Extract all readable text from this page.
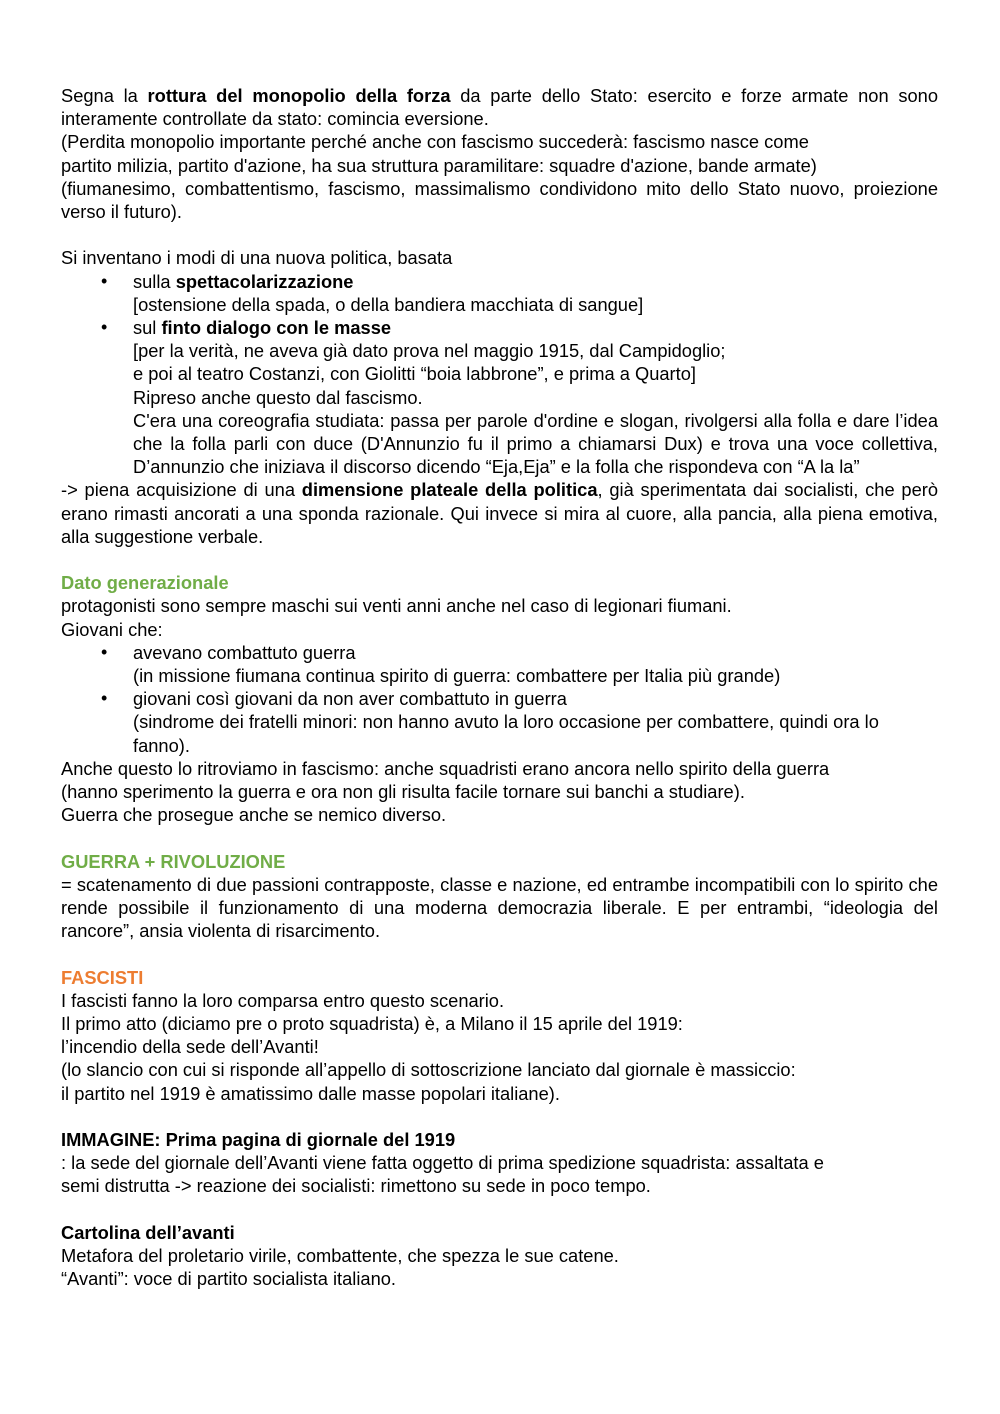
Segna la rottura del monopolio della forza da parte dello Stato: esercito e forze armate non sono interamente controllate da stato: comincia eversione.

(Perdita monopolio importante perché anche con fascismo succederà: fascismo nasce come

partito milizia, partito d'azione, ha sua struttura paramilitare: squadre d'azione, bande armate)

(fiumanesimo, combattentismo, fascismo, massimalismo condividono mito dello Stato nuovo, proiezione verso il futuro).

Si inventano i modi di una nuova politica, basata

• sulla spettacolarizzazione
[ostensione della spada, o della bandiera macchiata di sangue]
• sul finto dialogo con le masse
[per la verità, ne aveva già dato prova nel maggio 1915, dal Campidoglio;
e poi al teatro Costanzi, con Giolitti “boia labbrone”, e prima a Quarto]
Ripreso anche questo dal fascismo.
C'era una coreografia studiata: passa per parole d'ordine e slogan, rivolgersi alla folla e dare l’idea che la folla parli con duce (D'Annunzio fu il primo a chiamarsi Dux) e trova una voce collettiva, D’annunzio che iniziava il discorso dicendo “Eja,Eja” e la folla che rispondeva con “A la la”

-> piena acquisizione di una dimensione plateale della politica, già sperimentata dai socialisti, che però erano rimasti ancorati a una sponda razionale. Qui invece si mira al cuore, alla pancia, alla piena emotiva, alla suggestione verbale.

Dato generazionale

protagonisti sono sempre maschi sui venti anni anche nel caso di legionari fiumani.

Giovani che:

• avevano combattuto guerra
(in missione fiumana continua spirito di guerra: combattere per Italia più grande)
• giovani così giovani da non aver combattuto in guerra
(sindrome dei fratelli minori: non hanno avuto la loro occasione per combattere, quindi ora lo fanno).

Anche questo lo ritroviamo in fascismo: anche squadristi erano ancora nello spirito della guerra

(hanno sperimento la guerra e ora non gli risulta facile tornare sui banchi a studiare).

Guerra che prosegue anche se nemico diverso.

GUERRA + RIVOLUZIONE

= scatenamento di due passioni contrapposte, classe e nazione, ed entrambe incompatibili con lo spirito che rende possibile il funzionamento di una moderna democrazia liberale. E per entrambi, “ideologia del rancore”, ansia violenta di risarcimento.

FASCISTI

I fascisti fanno la loro comparsa entro questo scenario.

Il primo atto (diciamo pre o proto squadrista) è, a Milano il 15 aprile del 1919:

l’incendio della sede dell’Avanti!

(lo slancio con cui si risponde all’appello di sottoscrizione lanciato dal giornale è massiccio:

il partito nel 1919 è amatissimo dalle masse popolari italiane).

IMMAGINE: Prima pagina di giornale del 1919

: la sede del giornale dell’Avanti viene fatta oggetto di prima spedizione squadrista: assaltata e

semi distrutta -> reazione dei socialisti: rimettono su sede in poco tempo.

Cartolina dell’avanti

Metafora del proletario virile, combattente, che spezza le sue catene.

“Avanti”: voce di partito socialista italiano.
